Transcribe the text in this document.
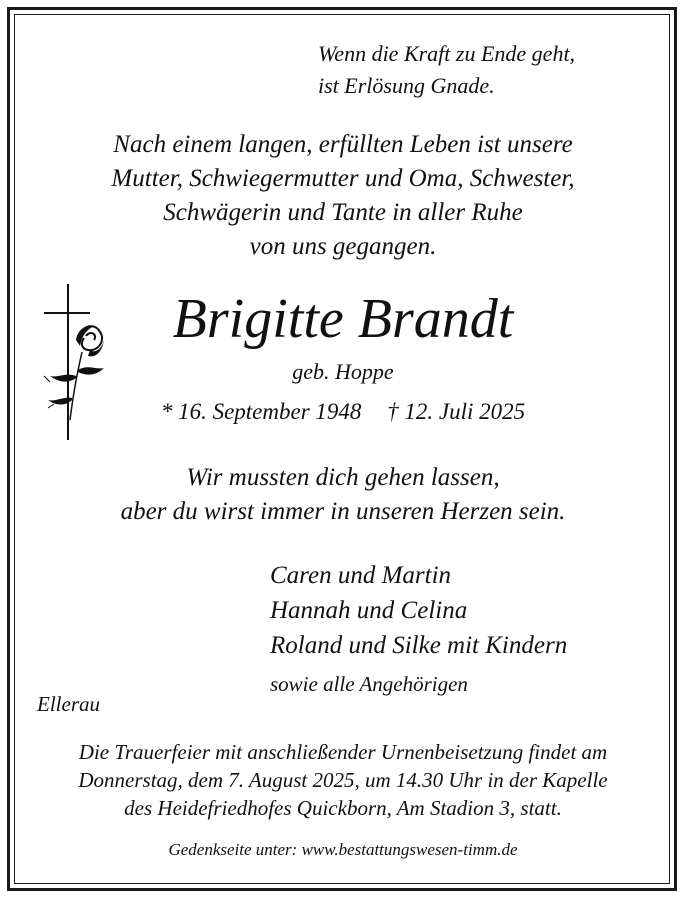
Wenn die Kraft zu Ende geht,
ist Erlösung Gnade.

Nach einem langen, erfüllten Leben ist unsere
Mutter, Schwiegermutter und Oma, Schwester,
Schwägerin und Tante in aller Ruhe
von uns gegangen.

Brigitte Brandt

geb. Hoppe

* 16. September 1948 † 12. Juli 2025

Wir mussten dich gehen lassen,
aber du wirst immer in unseren Herzen sein.

Caren und Martin
Hannah und Celina
Roland und Silke mit Kindern

sowie alle Angehörigen

Ellerau

Die Trauerfeier mit anschließender Urnenbeisetzung findet am
Donnerstag, dem 7. August 2025, um 14.30 Uhr in der Kapelle
des Heidefriedhofes Quickborn, Am Stadion 3, statt.

Gedenkseite unter: www.bestattungswesen-timm.de
